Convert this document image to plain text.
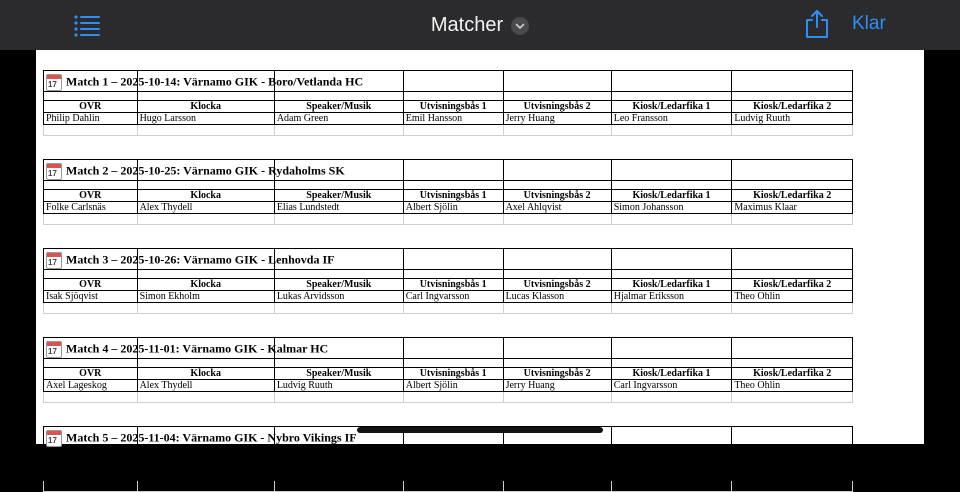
Matcher	Klar
17 Match 1 – 2025-10-14: Värnamo GIK - Boro/Vetlanda HC						

OVR	Klocka	Speaker/Musik	Utvisningsbås 1	Utvisningsbås 2	Kiosk/Ledarfika 1	Kiosk/Ledarfika 2
Philip Dahlin	Hugo Larsson	Adam Green	Emil Hansson	Jerry Huang	Leo Fransson	Ludvig Ruuth

17 Match 2 – 2025-10-25: Värnamo GIK - Rydaholms SK						

OVR	Klocka	Speaker/Musik	Utvisningsbås 1	Utvisningsbås 2	Kiosk/Ledarfika 1	Kiosk/Ledarfika 2
Folke Carlsnäs	Alex Thydell	Elias Lundstedt	Albert Sjölin	Axel Ahlqvist	Simon Johansson	Maximus Klaar

17 Match 3 – 2025-10-26: Värnamo GIK - Lenhovda IF						

OVR	Klocka	Speaker/Musik	Utvisningsbås 1	Utvisningsbås 2	Kiosk/Ledarfika 1	Kiosk/Ledarfika 2
Isak Sjöqvist	Simon Ekholm	Lukas Arvidsson	Carl Ingvarsson	Lucas Klasson	Hjalmar Eriksson	Theo Ohlin

17 Match 4 – 2025-11-01: Värnamo GIK - Kalmar HC						

OVR	Klocka	Speaker/Musik	Utvisningsbås 1	Utvisningsbås 2	Kiosk/Ledarfika 1	Kiosk/Ledarfika 2
Axel Lageskog	Alex Thydell	Ludvig Ruuth	Albert Sjölin	Jerry Huang	Carl Ingvarsson	Theo Ohlin

17 Match 5 – 2025-11-04: Värnamo GIK - Nybro Vikings IF						

OVR	Klocka	Speaker/Musik	Utvisningsbås 1	Utvisningsbås 2	Kiosk/Ledarfika 1	Kiosk/Ledarfika 2
